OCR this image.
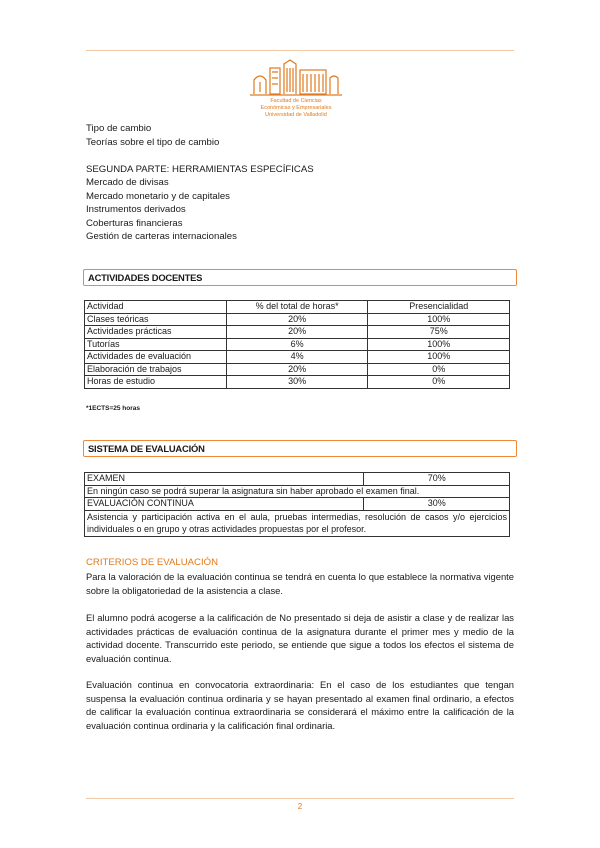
Facultad de Ciencias
Económicas y Empresariales
Universidad de Valladolid
Tipo de cambio
Teorías sobre el tipo de cambio
SEGUNDA PARTE: HERRAMIENTAS ESPECÍFICAS
Mercado de divisas
Mercado monetario y de capitales
Instrumentos derivados
Coberturas financieras
Gestión de carteras internacionales
ACTIVIDADES DOCENTES
Actividad	% del total de horas*	Presencialidad
Clases teóricas	20%	100%
Actividades prácticas	20%	75%
Tutorías	6%	100%
Actividades de evaluación	4%	100%
Elaboración de trabajos	20%	0%
Horas de estudio	30%	0%
*1ECTS=25 horas
SISTEMA DE EVALUACIÓN
EXAMEN	70%
En ningún caso se podrá superar la asignatura sin haber aprobado el examen final.	
EVALUACIÓN CONTINUA	30%
Asistencia y participación activa en el aula, pruebas intermedias, resolución de casos y/o ejercicios individuales o en grupo y otras actividades propuestas por el profesor.	
CRITERIOS DE EVALUACIÓN
Para la valoración de la evaluación continua se tendrá en cuenta lo que establece la normativa vigente sobre la obligatoriedad de la asistencia a clase.
El alumno podrá acogerse a la calificación de No presentado si deja de asistir a clase y de realizar las actividades prácticas de evaluación continua de la asignatura durante el primer mes y medio de la actividad docente. Transcurrido este periodo, se entiende que sigue a todos los efectos el sistema de evaluación continua.
Evaluación continua en convocatoria extraordinaria: En el caso de los estudiantes que tengan suspensa la evaluación continua ordinaria y se hayan presentado al examen final ordinario, a efectos de calificar la evaluación continua extraordinaria se considerará el máximo entre la calificación de la evaluación continua ordinaria y la calificación final ordinaria.
2
